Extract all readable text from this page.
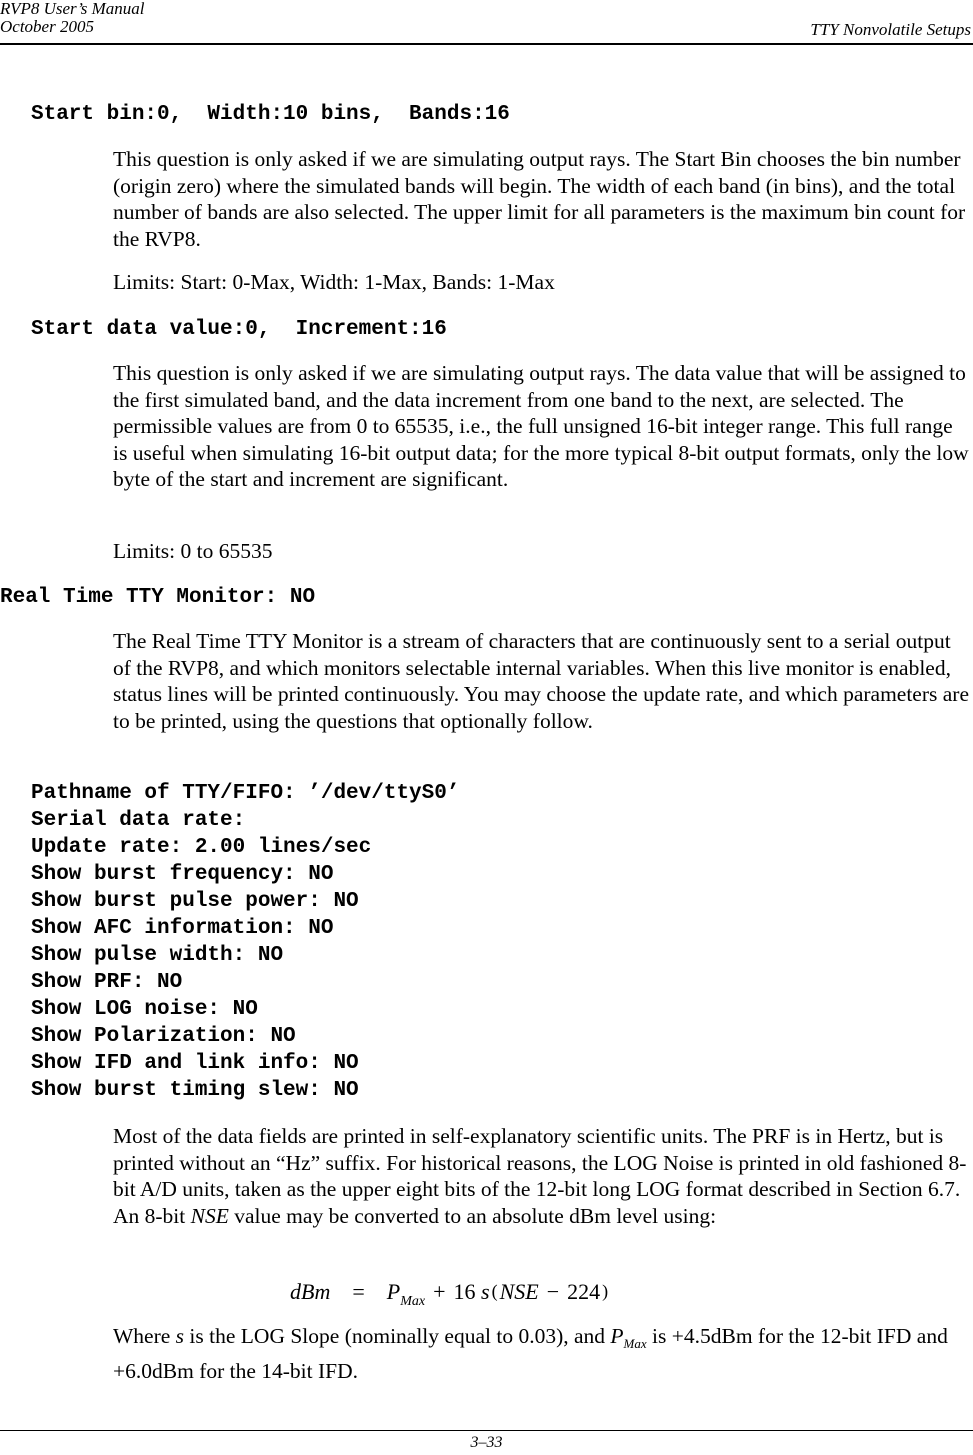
RVP8 User’s Manual
October 2005	TTY Nonvolatile Setups
Start bin:0,  Width:10 bins,  Bands:16
This question is only asked if we are simulating output rays. The Start Bin chooses the bin number (origin zero) where the simulated bands will begin. The width of each band (in bins), and the total number of bands are also selected. The upper limit for all parameters is the maximum bin count for the RVP8.
Limits: Start: 0-Max, Width: 1-Max, Bands: 1-Max
Start data value:0,  Increment:16
This question is only asked if we are simulating output rays. The data value that will be assigned to the first simulated band, and the data increment from one band to the next, are selected. The permissible values are from 0 to 65535, i.e., the full unsigned 16-bit integer range. This full range is useful when simulating 16-bit output data; for the more typical 8-bit output formats, only the low byte of the start and increment are significant.
Limits: 0 to 65535
Real Time TTY Monitor: NO
The Real Time TTY Monitor is a stream of characters that are continuously sent to a serial output of the RVP8, and which monitors selectable internal variables. When this live monitor is enabled, status lines will be printed continuously. You may choose the update rate, and which parameters are to be printed, using the questions that optionally follow.
Pathname of TTY/FIFO: ’/dev/ttyS0’
Serial data rate:
Update rate: 2.00 lines/sec
Show burst frequency: NO
Show burst pulse power: NO
Show AFC information: NO
Show pulse width: NO
Show PRF: NO
Show LOG noise: NO
Show Polarization: NO
Show IFD and link info: NO
Show burst timing slew: NO
Most of the data fields are printed in self-explanatory scientific units. The PRF is in Hertz, but is printed without an “Hz” suffix. For historical reasons, the LOG Noise is printed in old fashioned 8-bit A/D units, taken as the upper eight bits of the 12-bit long LOG format described in Section 6.7. An 8-bit NSE value may be converted to an absolute dBm level using:
dBm = $P_{Max} + 16$ s (NSE − 224 )
Where s is the LOG Slope (nominally equal to 0.03), and $P_{Max}$ is +4.5dBm for the 12-bit IFD and +6.0dBm for the 14-bit IFD.
3–33
